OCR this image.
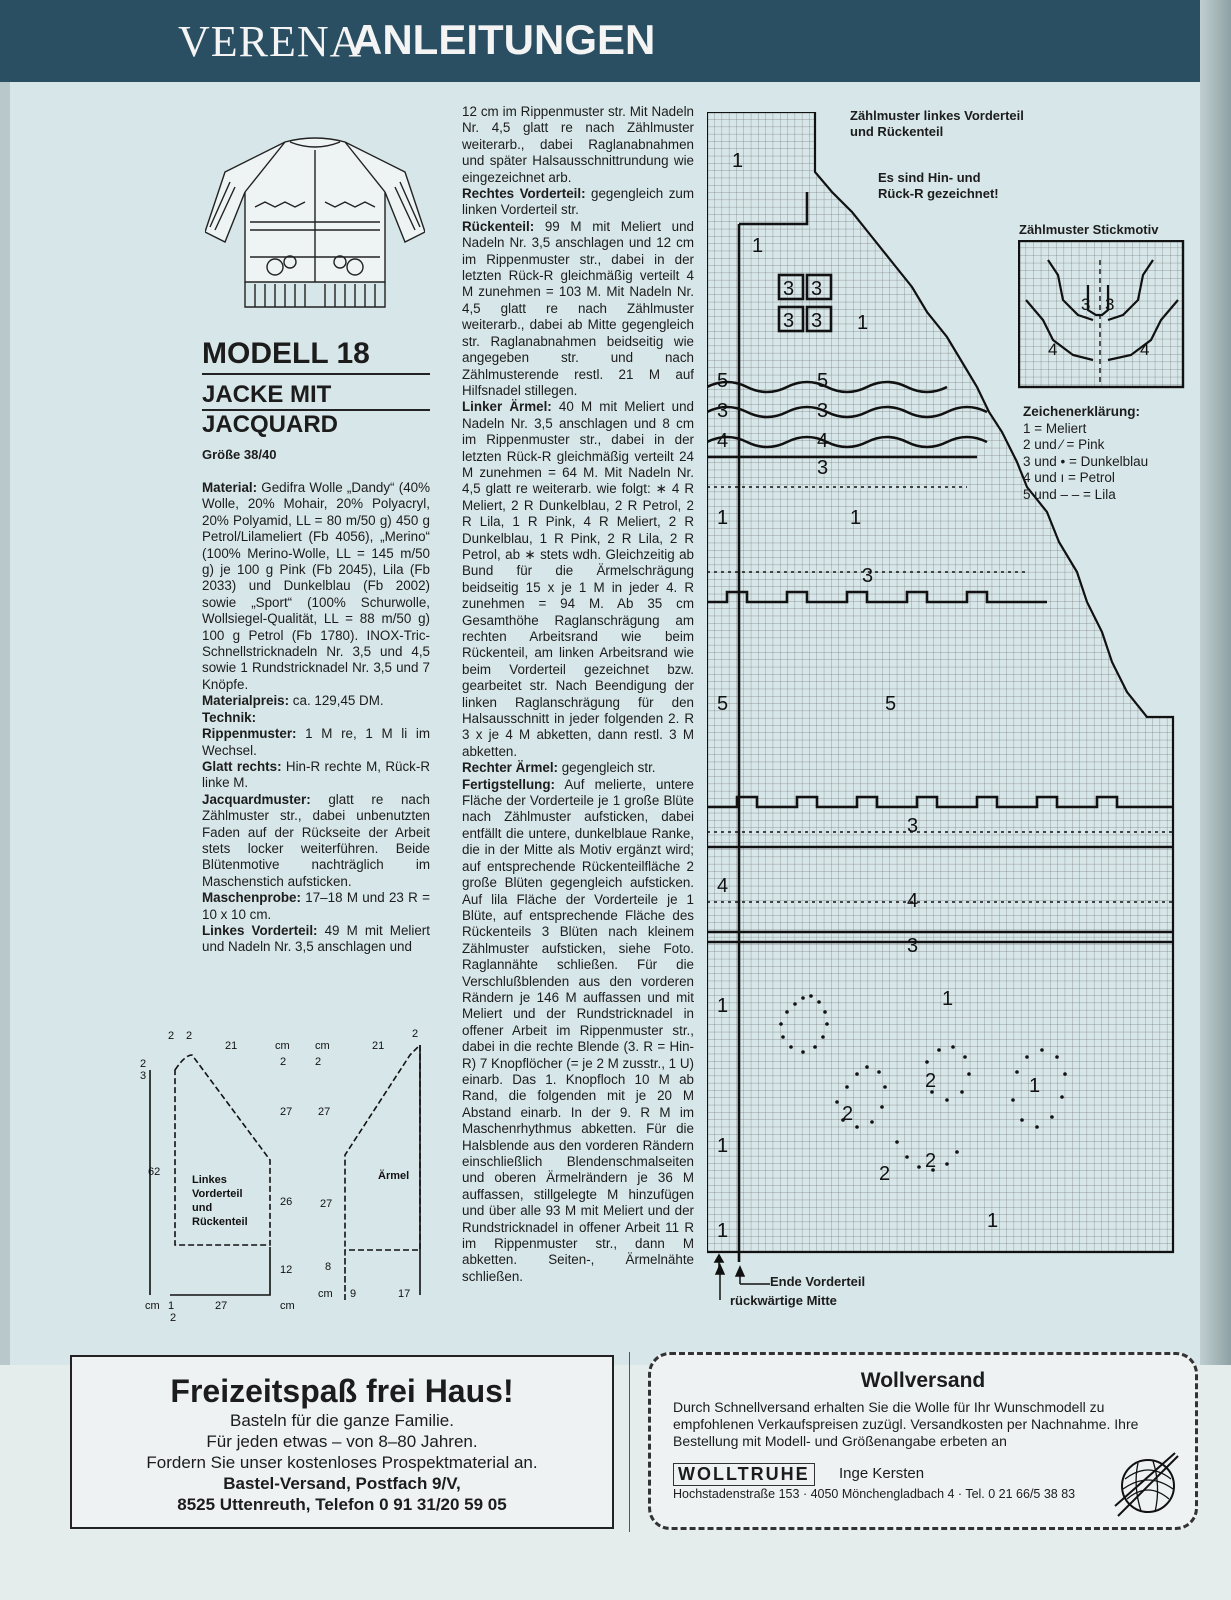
VERENA
ANLEITUNGEN
MODELL 18
JACKE MIT
JACQUARD
Größe 38/40

Material: Gedifra Wolle „Dandy“ (40% Wolle, 20% Mohair, 20% Polyacryl, 20% Polyamid, LL = 80 m/50 g) 450 g Petrol/Lilameliert (Fb 4056), „Merino“ (100% Merino-Wolle, LL = 145 m/50 g) je 100 g Pink (Fb 2045), Lila (Fb 2033) und Dunkelblau (Fb 2002) sowie „Sport“ (100% Schurwolle, Wollsiegel-Qualität, LL = 88 m/50 g) 100 g Petrol (Fb 1780). INOX-Tric-Schnellstricknadeln Nr. 3,5 und 4,5 sowie 1 Rundstricknadel Nr. 3,5 und 7 Knöpfe.

Materialpreis: ca. 129,45 DM.

Technik:

Rippenmuster: 1 M re, 1 M li im Wechsel.

Glatt rechts: Hin-R rechte M, Rück-R linke M.

Jacquardmuster: glatt re nach Zählmuster str., dabei unbenutzten Faden auf der Rückseite der Arbeit stets locker weiterführen. Beide Blütenmotive nachträglich im Maschenstich aufsticken.

Maschenprobe: 17–18 M und 23 R = 10 x 10 cm.

Linkes Vorderteil: 49 M mit Meliert und Nadeln Nr. 3,5 anschlagen und

12 cm im Rippenmuster str. Mit Nadeln Nr. 4,5 glatt re nach Zählmuster weiterarb., dabei Raglanabnahmen und später Halsausschnittrundung wie eingezeichnet arb.

Rechtes Vorderteil: gegengleich zum linken Vorderteil str.

Rückenteil: 99 M mit Meliert und Nadeln Nr. 3,5 anschlagen und 12 cm im Rippenmuster str., dabei in der letzten Rück-R gleichmäßig verteilt 4 M zunehmen = 103 M. Mit Nadeln Nr. 4,5 glatt re nach Zählmuster weiterarb., dabei ab Mitte gegengleich str. Raglanabnahmen beidseitig wie angegeben str. und nach Zählmusterende restl. 21 M auf Hilfsnadel stillegen.

Linker Ärmel: 40 M mit Meliert und Nadeln Nr. 3,5 anschlagen und 8 cm im Rippenmuster str., dabei in der letzten Rück-R gleichmäßig verteilt 24 M zunehmen = 64 M. Mit Nadeln Nr. 4,5 glatt re weiterarb. wie folgt: ∗ 4 R Meliert, 2 R Dunkelblau, 2 R Petrol, 2 R Lila, 1 R Pink, 4 R Meliert, 2 R Dunkelblau, 1 R Pink, 2 R Lila, 2 R Petrol, ab ∗ stets wdh. Gleichzeitig ab Bund für die Ärmelschrägung beidseitig 15 x je 1 M in jeder 4. R zunehmen = 94 M. Ab 35 cm Gesamthöhe Raglanschrägung am rechten Arbeitsrand wie beim Rückenteil, am linken Arbeitsrand wie beim Vorderteil gezeichnet bzw. gearbeitet str. Nach Beendigung der linken Raglanschrägung für den Halsausschnitt in jeder folgenden 2. R 3 x je 4 M abketten, dann restl. 3 M abketten.

Rechter Ärmel: gegengleich str.

Fertigstellung: Auf melierte, untere Fläche der Vorderteile je 1 große Blüte nach Zählmuster aufsticken, dabei entfällt die untere, dunkelblaue Ranke, die in der Mitte als Motiv ergänzt wird; auf entsprechende Rückenteilfläche 2 große Blüten gegengleich aufsticken. Auf lila Fläche der Vorderteile je 1 Blüte, auf entsprechende Fläche des Rückenteils 3 Blüten nach kleinem Zählmuster aufsticken, siehe Foto. Raglannähte schließen. Für die Verschlußblenden aus den vorderen Rändern je 146 M auffassen und mit Meliert und der Rundstricknadel in offener Arbeit im Rippenmuster str., dabei in die rechte Blende (3. R = Hin-R) 7 Knopflöcher (= je 2 M zusstr., 1 U) einarb. Das 1. Knopfloch 10 M ab Rand, die folgenden mit je 20 M Abstand einarb. In der 9. R M im Maschenrhythmus abketten. Für die Halsblende aus den vorderen Rändern einschließlich Blendenschmalseiten und oberen Ärmelrändern je 36 M auffassen, stillgelegte M hinzufügen und über alle 93 M mit Meliert und der Rundstricknadel in offener Arbeit 11 R im Rippenmuster str., dann M abketten. Seiten-, Ärmelnähte schließen.

Zählmuster linkes Vorderteil
und Rückenteil
Es sind Hin- und
Rück-R gezeichnet!
1
1
3 3
3 3 1
5	5
3	3
4	4
3
1	1
3
5	5
3
4
4
3
1	1
2
2
2
2
1
1
1
1
Ende Vorderteil
rückwärtige Mitte
Zählmuster Stickmotiv
3 3
4	4
Zeichenerklärung:
1 = Meliert
2 und ⁄ = Pink
3 und • = Dunkelblau
4 und ı = Petrol
5 und – – = Lila
Linkes
Vorderteil
und
Rückenteil
Ärmel
21	cm cm	21
2 2	2
2
3
2	2
27 27
62
26	27
12	8
cm 1
2
27	cm
cm 9	17
Freizeitspaß frei Haus!
Basteln für die ganze Familie.
Für jeden etwas – von 8–80 Jahren.
Fordern Sie unser kostenloses Prospektmaterial an.
Bastel-Versand, Postfach 9/V,
8525 Uttenreuth, Telefon 0 91 31/20 59 05
Wollversand
Durch Schnellversand erhalten Sie die Wolle für Ihr Wunschmodell zu empfohlenen Verkaufspreisen zuzügl. Versandkosten per Nachnahme. Ihre Bestellung mit Modell- und Größenangabe erbeten an
WOLLTRUHE	Inge Kersten
Hochstadenstraße 153 · 4050 Mönchengladbach 4 · Tel. 0 21 66/5 38 83
